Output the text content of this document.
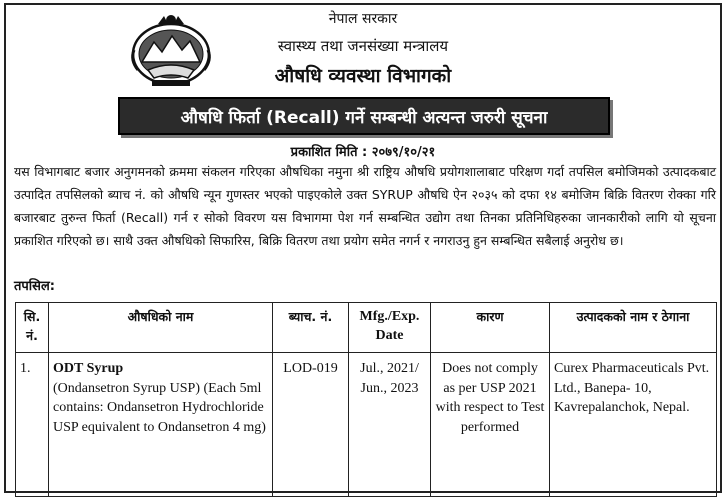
नेपाल सरकार
स्वास्थ्य तथा जनसंख्या मन्त्रालय
औषधि व्यवस्था विभागको
औषधि फिर्ता (Recall) गर्ने सम्बन्धी अत्यन्त जरुरी सूचना
प्रकाशित मिति : २०७९/१०/२१
यस विभागबाट बजार अनुगमनको क्रममा संकलन गरिएका औषधिका नमुना श्री राष्ट्रिय औषधि प्रयोगशालाबाट परिक्षण गर्दा तपसिल बमोजिमको उत्पादकबाट उत्पादित तपसिलको ब्याच नं. को औषधि न्यून गुणस्तर भएको पाइएकोले उक्त SYRUP औषधि ऐन २०३५ को दफा १४ बमोजिम बिक्रि वितरण रोक्का गरि बजारबाट तुरुन्त फिर्ता (Recall) गर्न र सोको विवरण यस विभागमा पेश गर्न सम्बन्धित उद्योग तथा तिनका प्रतिनिधिहरुका जानकारीको लागि यो सूचना प्रकाशित गरिएको छ। साथै उक्त औषधिको सिफारिस, बिक्रि वितरण तथा प्रयोग समेत नगर्न र नगराउनु हुन सम्बन्धित सबैलाई अनुरोध छ।
तपसिल:
सि. नं.	औषधिको नाम	ब्याच. नं.	Mfg./Exp. Date	कारण	उत्पादकको नाम र ठेगाना
1.	ODT Syrup
(Ondansetron Syrup USP) (Each 5ml contains: Ondansetron Hydrochloride USP equivalent to Ondansetron 4 mg)	LOD-019	Jul., 2021/ Jun., 2023	Does not comply as per USP 2021 with respect to Test performed	Curex Pharmaceuticals Pvt. Ltd., Banepa- 10, Kavrepalanchok, Nepal.
